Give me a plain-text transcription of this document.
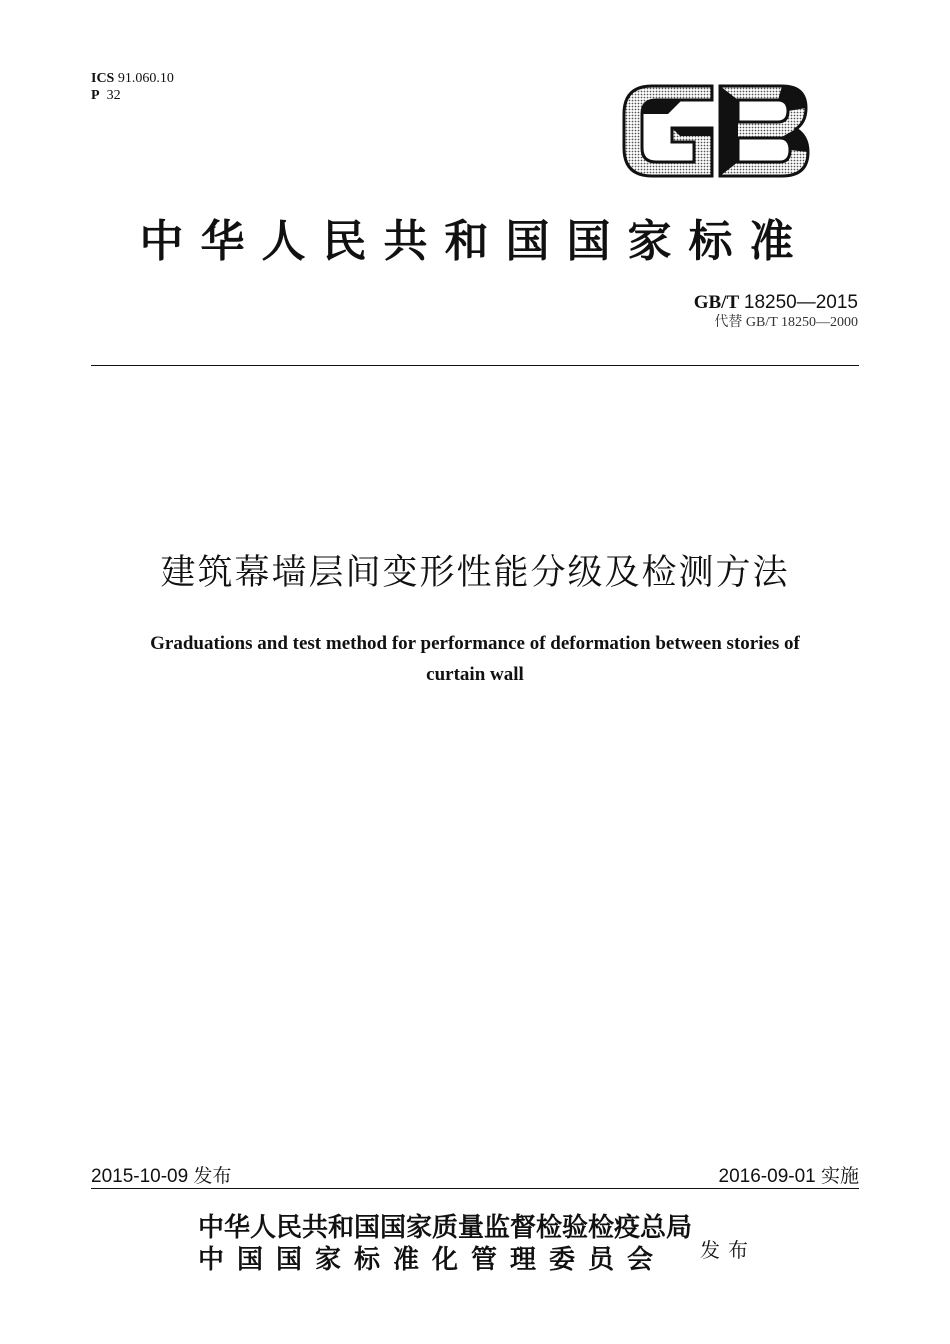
ICS 91.060.10
P 32
中华人民共和国国家标准
GB/T 18250—2015
代替 GB/T 18250—2000
建筑幕墙层间变形性能分级及检测方法
Graduations and test method for performance of deformation between stories of
curtain wall
2015-10-09 发布	2016-09-01 实施
中华人民共和国国家质量监督检验检疫总局
中国国家标准化管理委员会	发布
